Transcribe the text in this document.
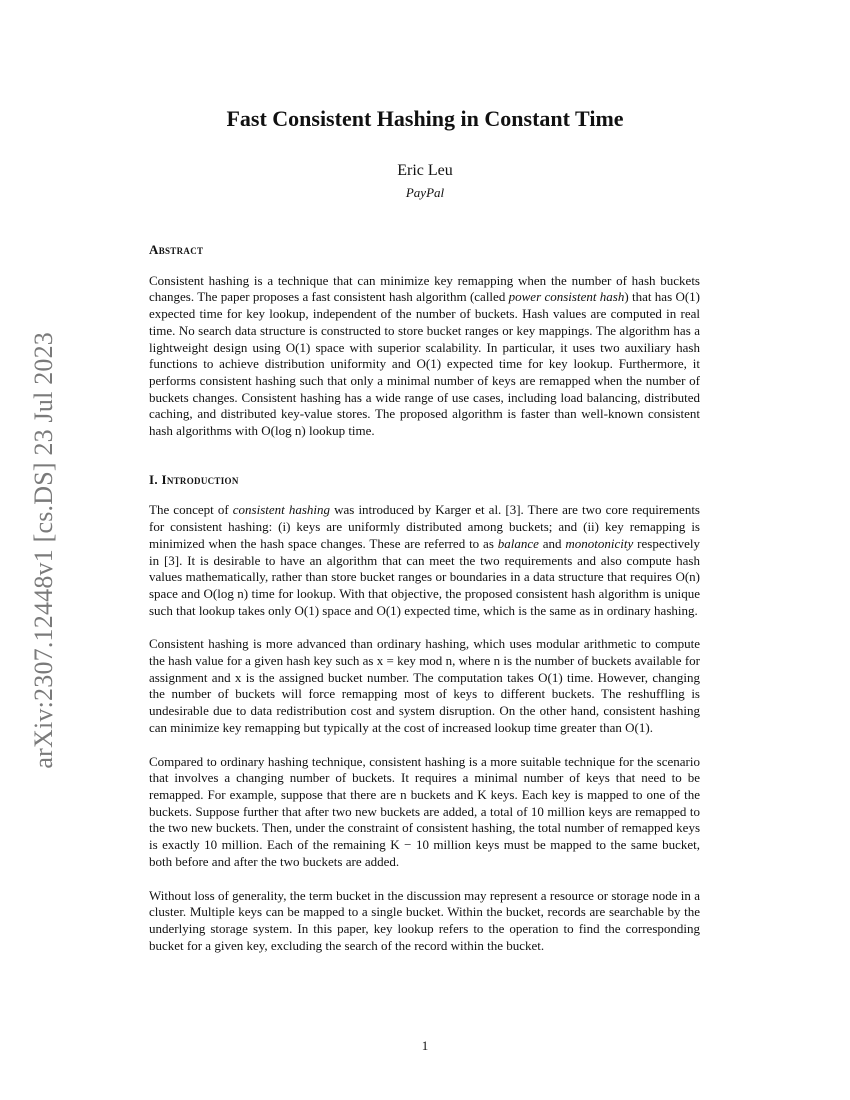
arXiv:2307.12448v1 [cs.DS] 23 Jul 2023
Fast Consistent Hashing in Constant Time
Eric Leu
PayPal
Abstract

Consistent hashing is a technique that can minimize key remapping when the number of hash buckets changes. The paper proposes a fast consistent hash algorithm (called power consistent hash) that has O(1) expected time for key lookup, independent of the number of buckets. Hash values are computed in real time. No search data structure is constructed to store bucket ranges or key mappings. The algorithm has a lightweight design using O(1) space with superior scalability. In particular, it uses two auxiliary hash functions to achieve distribution uniformity and O(1) expected time for key lookup. Furthermore, it performs consistent hashing such that only a minimal number of keys are remapped when the number of buckets changes. Consistent hashing has a wide range of use cases, including load balancing, distributed caching, and distributed key-value stores. The proposed algorithm is faster than well-known consistent hash algorithms with O(log n) lookup time.

I. Introduction

The concept of consistent hashing was introduced by Karger et al. [3]. There are two core requirements for consistent hashing: (i) keys are uniformly distributed among buckets; and (ii) key remapping is minimized when the hash space changes. These are referred to as balance and monotonicity respectively in [3]. It is desirable to have an algorithm that can meet the two requirements and also compute hash values mathematically, rather than store bucket ranges or boundaries in a data structure that requires O(n) space and O(log n) time for lookup. With that objective, the proposed consistent hash algorithm is unique such that lookup takes only O(1) space and O(1) expected time, which is the same as in ordinary hashing.

Consistent hashing is more advanced than ordinary hashing, which uses modular arithmetic to compute the hash value for a given hash key such as x = key mod n, where n is the number of buckets available for assignment and x is the assigned bucket number. The computation takes O(1) time. However, changing the number of buckets will force remapping most of keys to different buckets. The reshuffling is undesirable due to data redistribution cost and system disruption. On the other hand, consistent hashing can minimize key remapping but typically at the cost of increased lookup time greater than O(1).

Compared to ordinary hashing technique, consistent hashing is a more suitable technique for the scenario that involves a changing number of buckets. It requires a minimal number of keys that need to be remapped. For example, suppose that there are n buckets and K keys. Each key is mapped to one of the buckets. Suppose further that after two new buckets are added, a total of 10 million keys are remapped to the two new buckets. Then, under the constraint of consistent hashing, the total number of remapped keys is exactly 10 million. Each of the remaining K − 10 million keys must be mapped to the same bucket, both before and after the two buckets are added.

Without loss of generality, the term bucket in the discussion may represent a resource or storage node in a cluster. Multiple keys can be mapped to a single bucket. Within the bucket, records are searchable by the underlying storage system. In this paper, key lookup refers to the operation to find the corresponding bucket for a given key, excluding the search of the record within the bucket.

1
